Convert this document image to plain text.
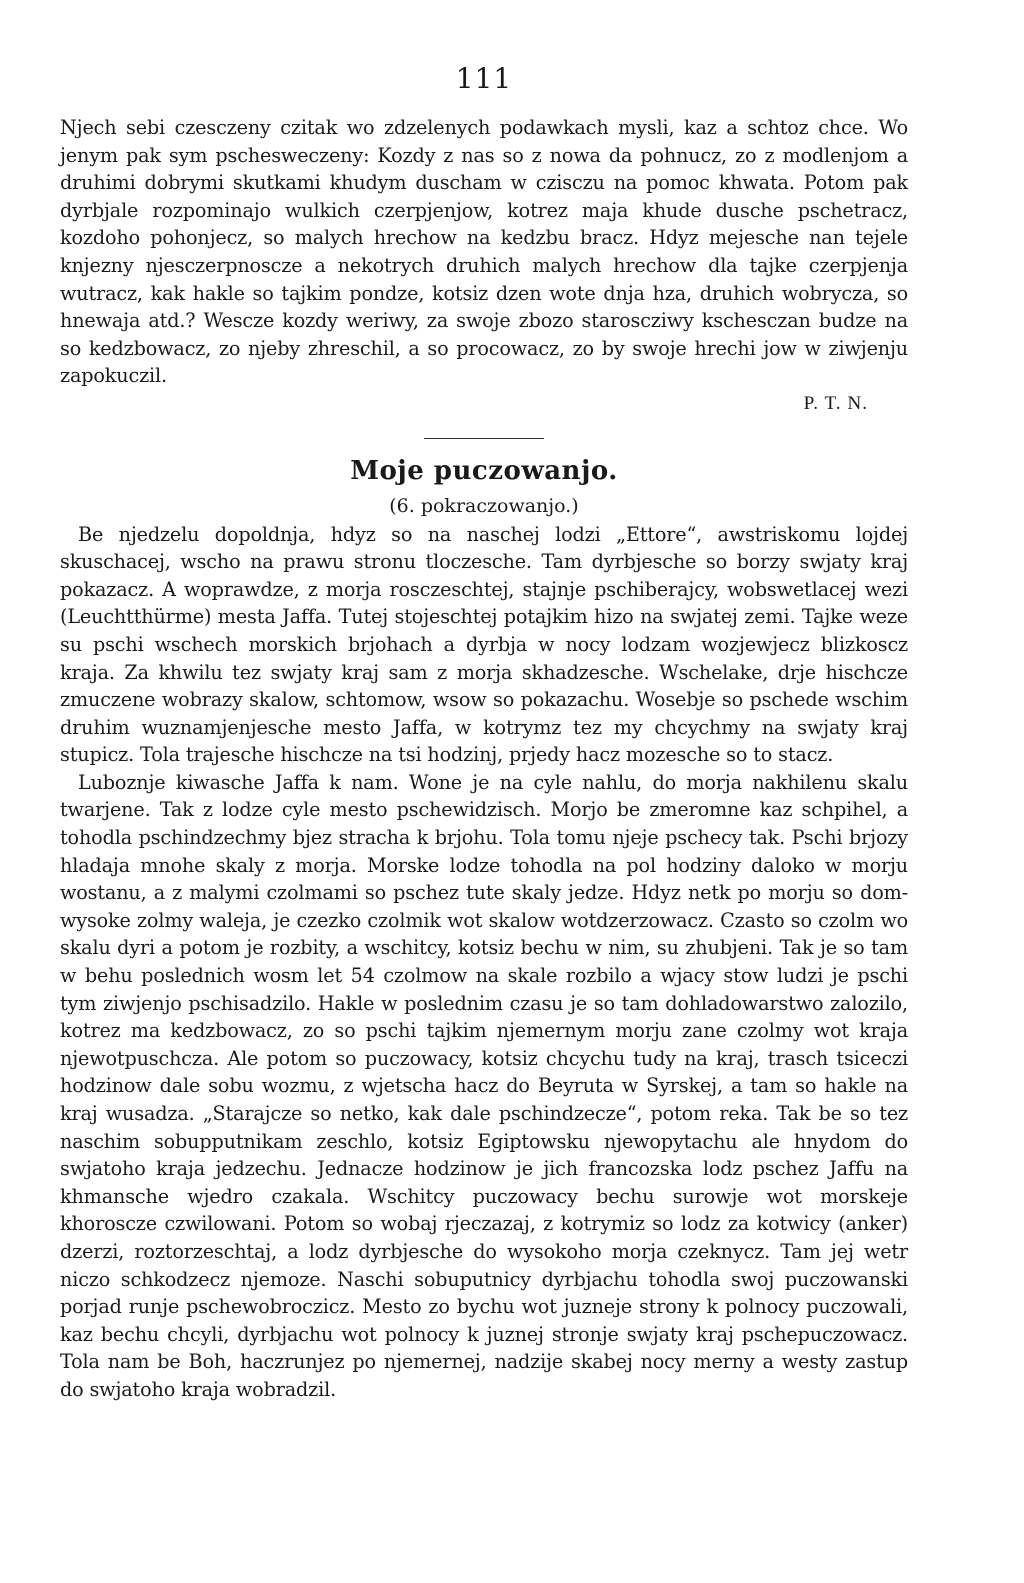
111

Njech sebi czesczeny czitak wo zdzelenych podawkach mysli, kaz a schtoz chce. Wo jenym pak sym pschesweczeny: Kozdy z nas so z nowa da pohnucz, zo z modlenjom a druhimi dobrymi skutkami khudym duscham w czisczu na pomoc khwata. Potom pak dyrbjale rozpominajo wulkich czerpjenjow, kotrez maja khude dusche pschetracz, kozdoho pohonjecz, so malych hrechow na kedzbu bracz. Hdyz mejesche nan tejele knjezny njesczerpnosczе a nekotrych druhich malych hrechow dla tajke czerpjenja wutracz, kak hakle so tajkim pondze, kotsiz dzen wote dnja hza, druhich wobrycza, so hnewaja atd.? Wescze kozdy weriwy, za swoje zbozo staroscziwy kschesczan budze na so kedzbowacz, zo njeby zhreschil, a so procowacz, zo by swoje hrechi jow w ziwjenju zapokuczil.

P. T. N.
Moje puczowanjo.
(6. pokraczowanjo.)

Be njedzelu dopoldnja, hdyz so na naschej lodzi „Ettore“, awstriskomu lojdej skuschacej, wscho na prawu stronu tloczesche. Tam dyrbjesche so borzy swjaty kraj pokazacz. A woprawdze, z morja rosczeschtej, stajnje pschiberajcy, wobswetlacej wezi (Leuchtthürme) mesta Jaffa. Tutej stojeschtej potajkim hizo na swjatej zemi. Tajke weze su pschi wschech morskich brjohach a dyrbja w nocy lodzam wozjewjecz blizkoscz kraja. Za khwilu tez swjaty kraj sam z morja skhadzesche. Wschelake, drje hischcze zmuczene wobrazy skalow, schtomow, wsow so pokazachu. Wosebje so pschede wschim druhim wuznamjenjesche mesto Jaffa, w kotrymz tez my chcychmy na swjaty kraj stupicz. Tola trajesche hischcze na tsi hodzinj, prjedy hacz mozesche so to stacz.

Luboznje kiwasche Jaffa k nam. Wone je na cyle nahlu, do morja nakhilenu skalu twarjene. Tak z lodze cyle mesto pschewidzisch. Morjo be zmeromne kaz schpihel, a tohodla pschindzechmy bjez stracha k brjohu. Tola tomu njeje pschecy tak. Pschi brjozy hladaja mnohe skaly z morja. Morske lodze tohodla na pol hodziny daloko w morju wostanu, a z malymi czolmami so pschez tute skaly jedze. Hdyz netk po morju so dom-wysoke zolmy waleja, je czezko czolmik wot skalow wotdzerzowacz. Czasto so czolm wo skalu dyri a potom je rozbity, a wschitcy, kotsiz bechu w nim, su zhubjeni. Tak je so tam w behu poslednich wosm let 54 czolmow na skale rozbilo a wjacy stow ludzi je pschi tym ziwjenjo pschisadzilo. Hakle w poslednim czasu je so tam dohladowarstwo zalozilo, kotrez ma kedzbowacz, zo so pschi tajkim njemernym morju zane czolmy wot kraja njewotpuschcza. Ale potom so puczowacy, kotsiz chcychu tudy na kraj, trasch tsiceczi hodzinow dale sobu wozmu, z wjetscha hacz do Beyruta w Syrskej, a tam so hakle na kraj wusadza. „Starajcze so netko, kak dale pschindzecze“, potom reka. Tak be so tez naschim sobupputnikam zeschlo, kotsiz Egiptowsku njewopytachu ale hnydom do swjatoho kraja jedzechu. Jednacze hodzinow je jich francozska lodz pschez Jaffu na khmansche wjedro czakala. Wschitcy puczowacy bechu surowje wot morskeje khoroscze czwilowani. Potom so wobaj rjeczazaj, z kotrymiz so lodz za kotwicy (anker) dzerzi, roztorzeschtaj, a lodz dyrbjesche do wysokoho morja czeknycz. Tam jej wetr niczo schkodzecz njemoze. Naschi sobuputnicy dyrbjachu tohodla swoj puczowanski porjad runje pschewobroczicz. Mesto zo bychu wot juzneje strony k polnocy puczowali, kaz bechu chcyli, dyrbjachu wot polnocy k juznej stronje swjaty kraj pschepuczowacz. Tola nam be Boh, haczrunjez po njemernej, nadzije skabej nocy merny a westy zastup do swjatoho kraja wobradzil.
